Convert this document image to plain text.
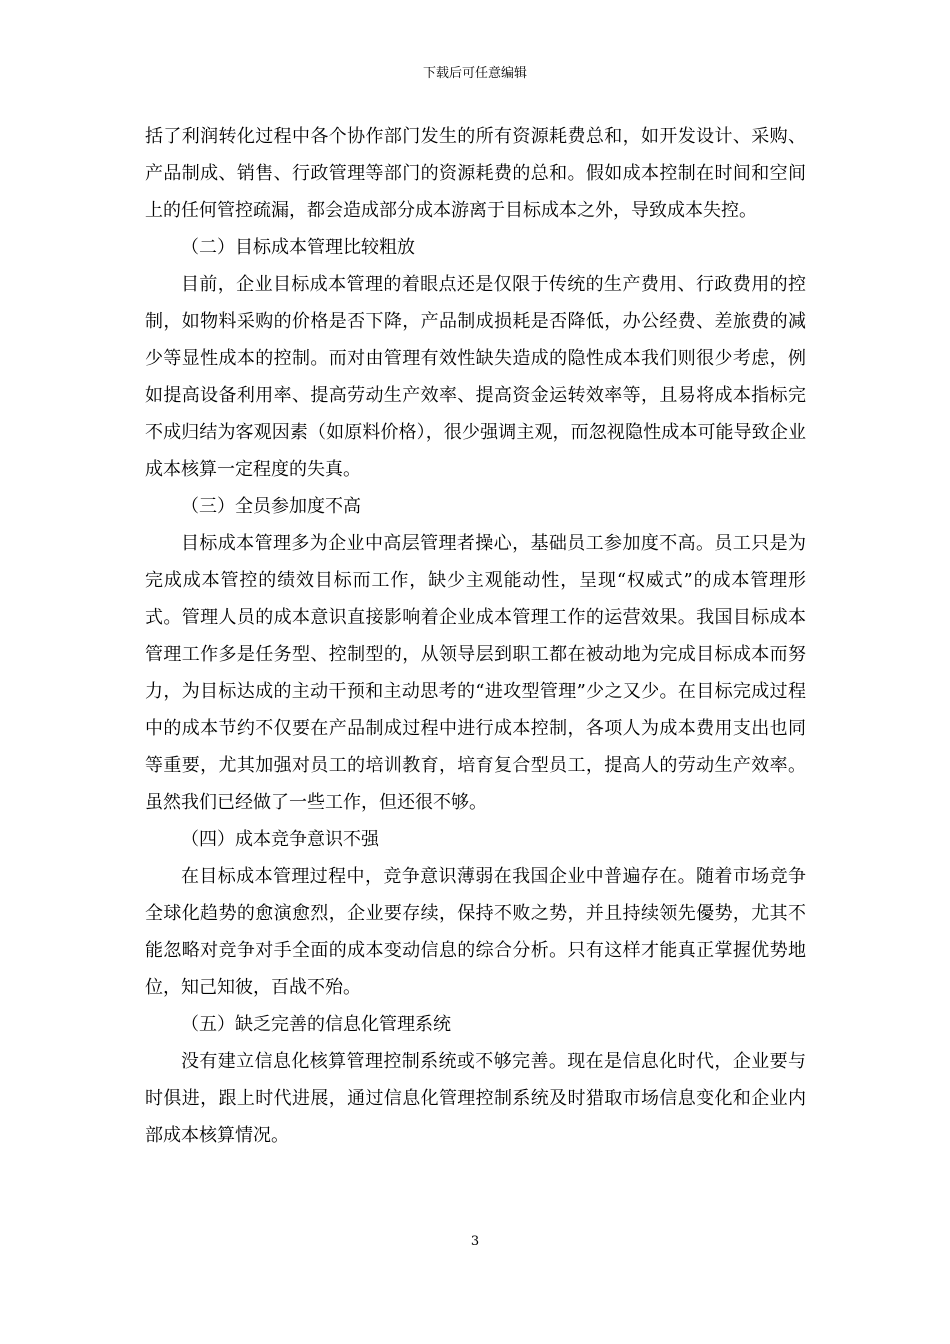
下载后可任意编辑

括了利润转化过程中各个协作部门发生的所有资源耗费总和，如开发设计、采购、产品制成、销售、行政管理等部门的资源耗费的总和。假如成本控制在时间和空间上的任何管控疏漏，都会造成部分成本游离于目标成本之外，导致成本失控。

（二）目标成本管理比较粗放

目前，企业目标成本管理的着眼点还是仅限于传统的生产费用、行政费用的控制，如物料采购的价格是否下降，产品制成损耗是否降低，办公经费、差旅费的减少等显性成本的控制。而对由管理有效性缺失造成的隐性成本我们则很少考虑，例如提高设备利用率、提高劳动生产效率、提高资金运转效率等，且易将成本指标完不成归结为客观因素（如原料价格），很少强调主观，而忽视隐性成本可能导致企业成本核算一定程度的失真。

（三）全员参加度不高

目标成本管理多为企业中高层管理者操心，基础员工参加度不高。员工只是为完成成本管控的绩效目标而工作，缺少主观能动性，呈现“权威式”的成本管理形式。管理人员的成本意识直接影响着企业成本管理工作的运营效果。我国目标成本管理工作多是任务型、控制型的，从领导层到职工都在被动地为完成目标成本而努力，为目标达成的主动干预和主动思考的“进攻型管理”少之又少。在目标完成过程中的成本节约不仅要在产品制成过程中进行成本控制，各项人为成本费用支出也同等重要，尤其加强对员工的培训教育，培育复合型员工，提高人的劳动生产效率。虽然我们已经做了一些工作，但还很不够。

（四）成本竞争意识不强

在目标成本管理过程中，竞争意识薄弱在我国企业中普遍存在。随着市场竞争全球化趋势的愈演愈烈，企业要存续，保持不败之势，并且持续领先優势，尤其不能忽略对竞争对手全面的成本变动信息的综合分析。只有这样才能真正掌握优势地位，知己知彼，百战不殆。

（五）缺乏完善的信息化管理系统

没有建立信息化核算管理控制系统或不够完善。现在是信息化时代，企业要与时俱进，跟上时代进展，通过信息化管理控制系统及时猎取市场信息变化和企业内部成本核算情况。

3
